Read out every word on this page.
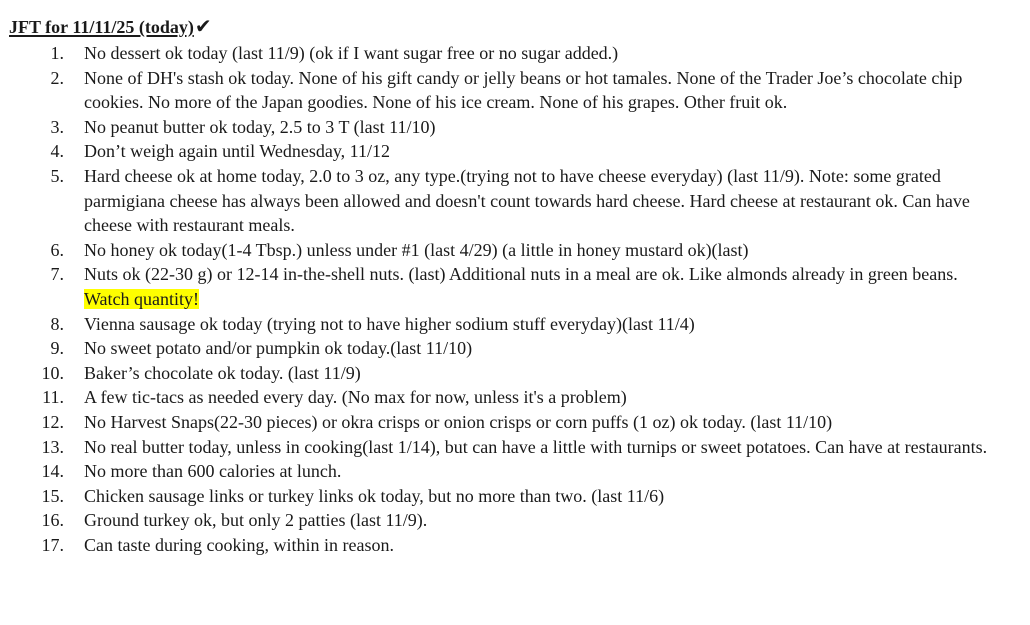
JFT for 11/11/25 (today)✔
1. No dessert ok today (last 11/9) (ok if I want sugar free or no sugar added.)
2. None of DH's stash ok today. None of his gift candy or jelly beans or hot tamales. None of the Trader Joe’s chocolate chip cookies. No more of the Japan goodies. None of his ice cream. None of his grapes. Other fruit ok.
3. No peanut butter ok today, 2.5 to 3 T (last 11/10)
4. Don’t weigh again until Wednesday, 11/12
5. Hard cheese ok at home today, 2.0 to 3 oz, any type.(trying not to have cheese everyday) (last 11/9). Note: some grated parmigiana cheese has always been allowed and doesn't count towards hard cheese. Hard cheese at restaurant ok. Can have cheese with restaurant meals.
6. No honey ok today(1-4 Tbsp.) unless under #1 (last 4/29) (a little in honey mustard ok)(last)
7. Nuts ok (22-30 g) or 12-14 in-the-shell nuts. (last) Additional nuts in a meal are ok. Like almonds already in green beans. Watch quantity!
8. Vienna sausage ok today (trying not to have higher sodium stuff everyday)(last 11/4)
9. No sweet potato and/or pumpkin ok today.(last 11/10)
10. Baker’s chocolate ok today. (last 11/9)
11. A few tic-tacs as needed every day. (No max for now, unless it's a problem)
12. No Harvest Snaps(22-30 pieces) or okra crisps or onion crisps or corn puffs (1 oz) ok today. (last 11/10)
13. No real butter today, unless in cooking(last 1/14), but can have a little with turnips or sweet potatoes. Can have at restaurants.
14. No more than 600 calories at lunch.
15. Chicken sausage links or turkey links ok today, but no more than two. (last 11/6)
16. Ground turkey ok, but only 2 patties (last 11/9).
17. Can taste during cooking, within in reason.
